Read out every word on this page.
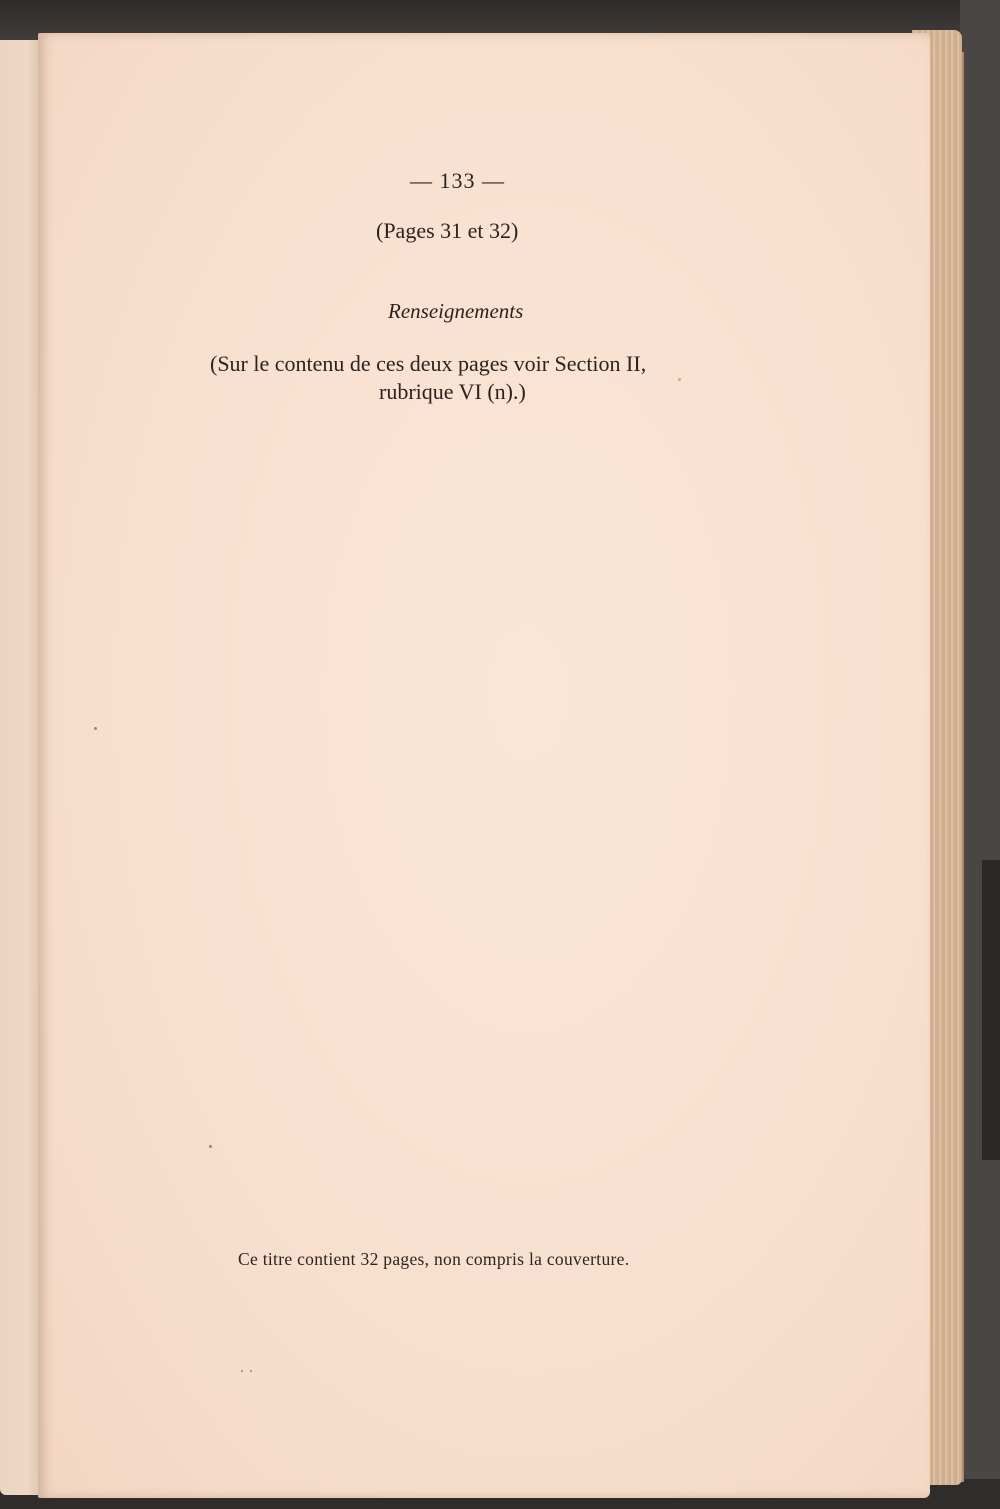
— 133 —
(Pages 31 et 32)
Renseignements
(Sur le contenu de ces deux pages voir Section II,
rubrique VI (n).)
Ce titre contient 32 pages, non compris la couverture.
